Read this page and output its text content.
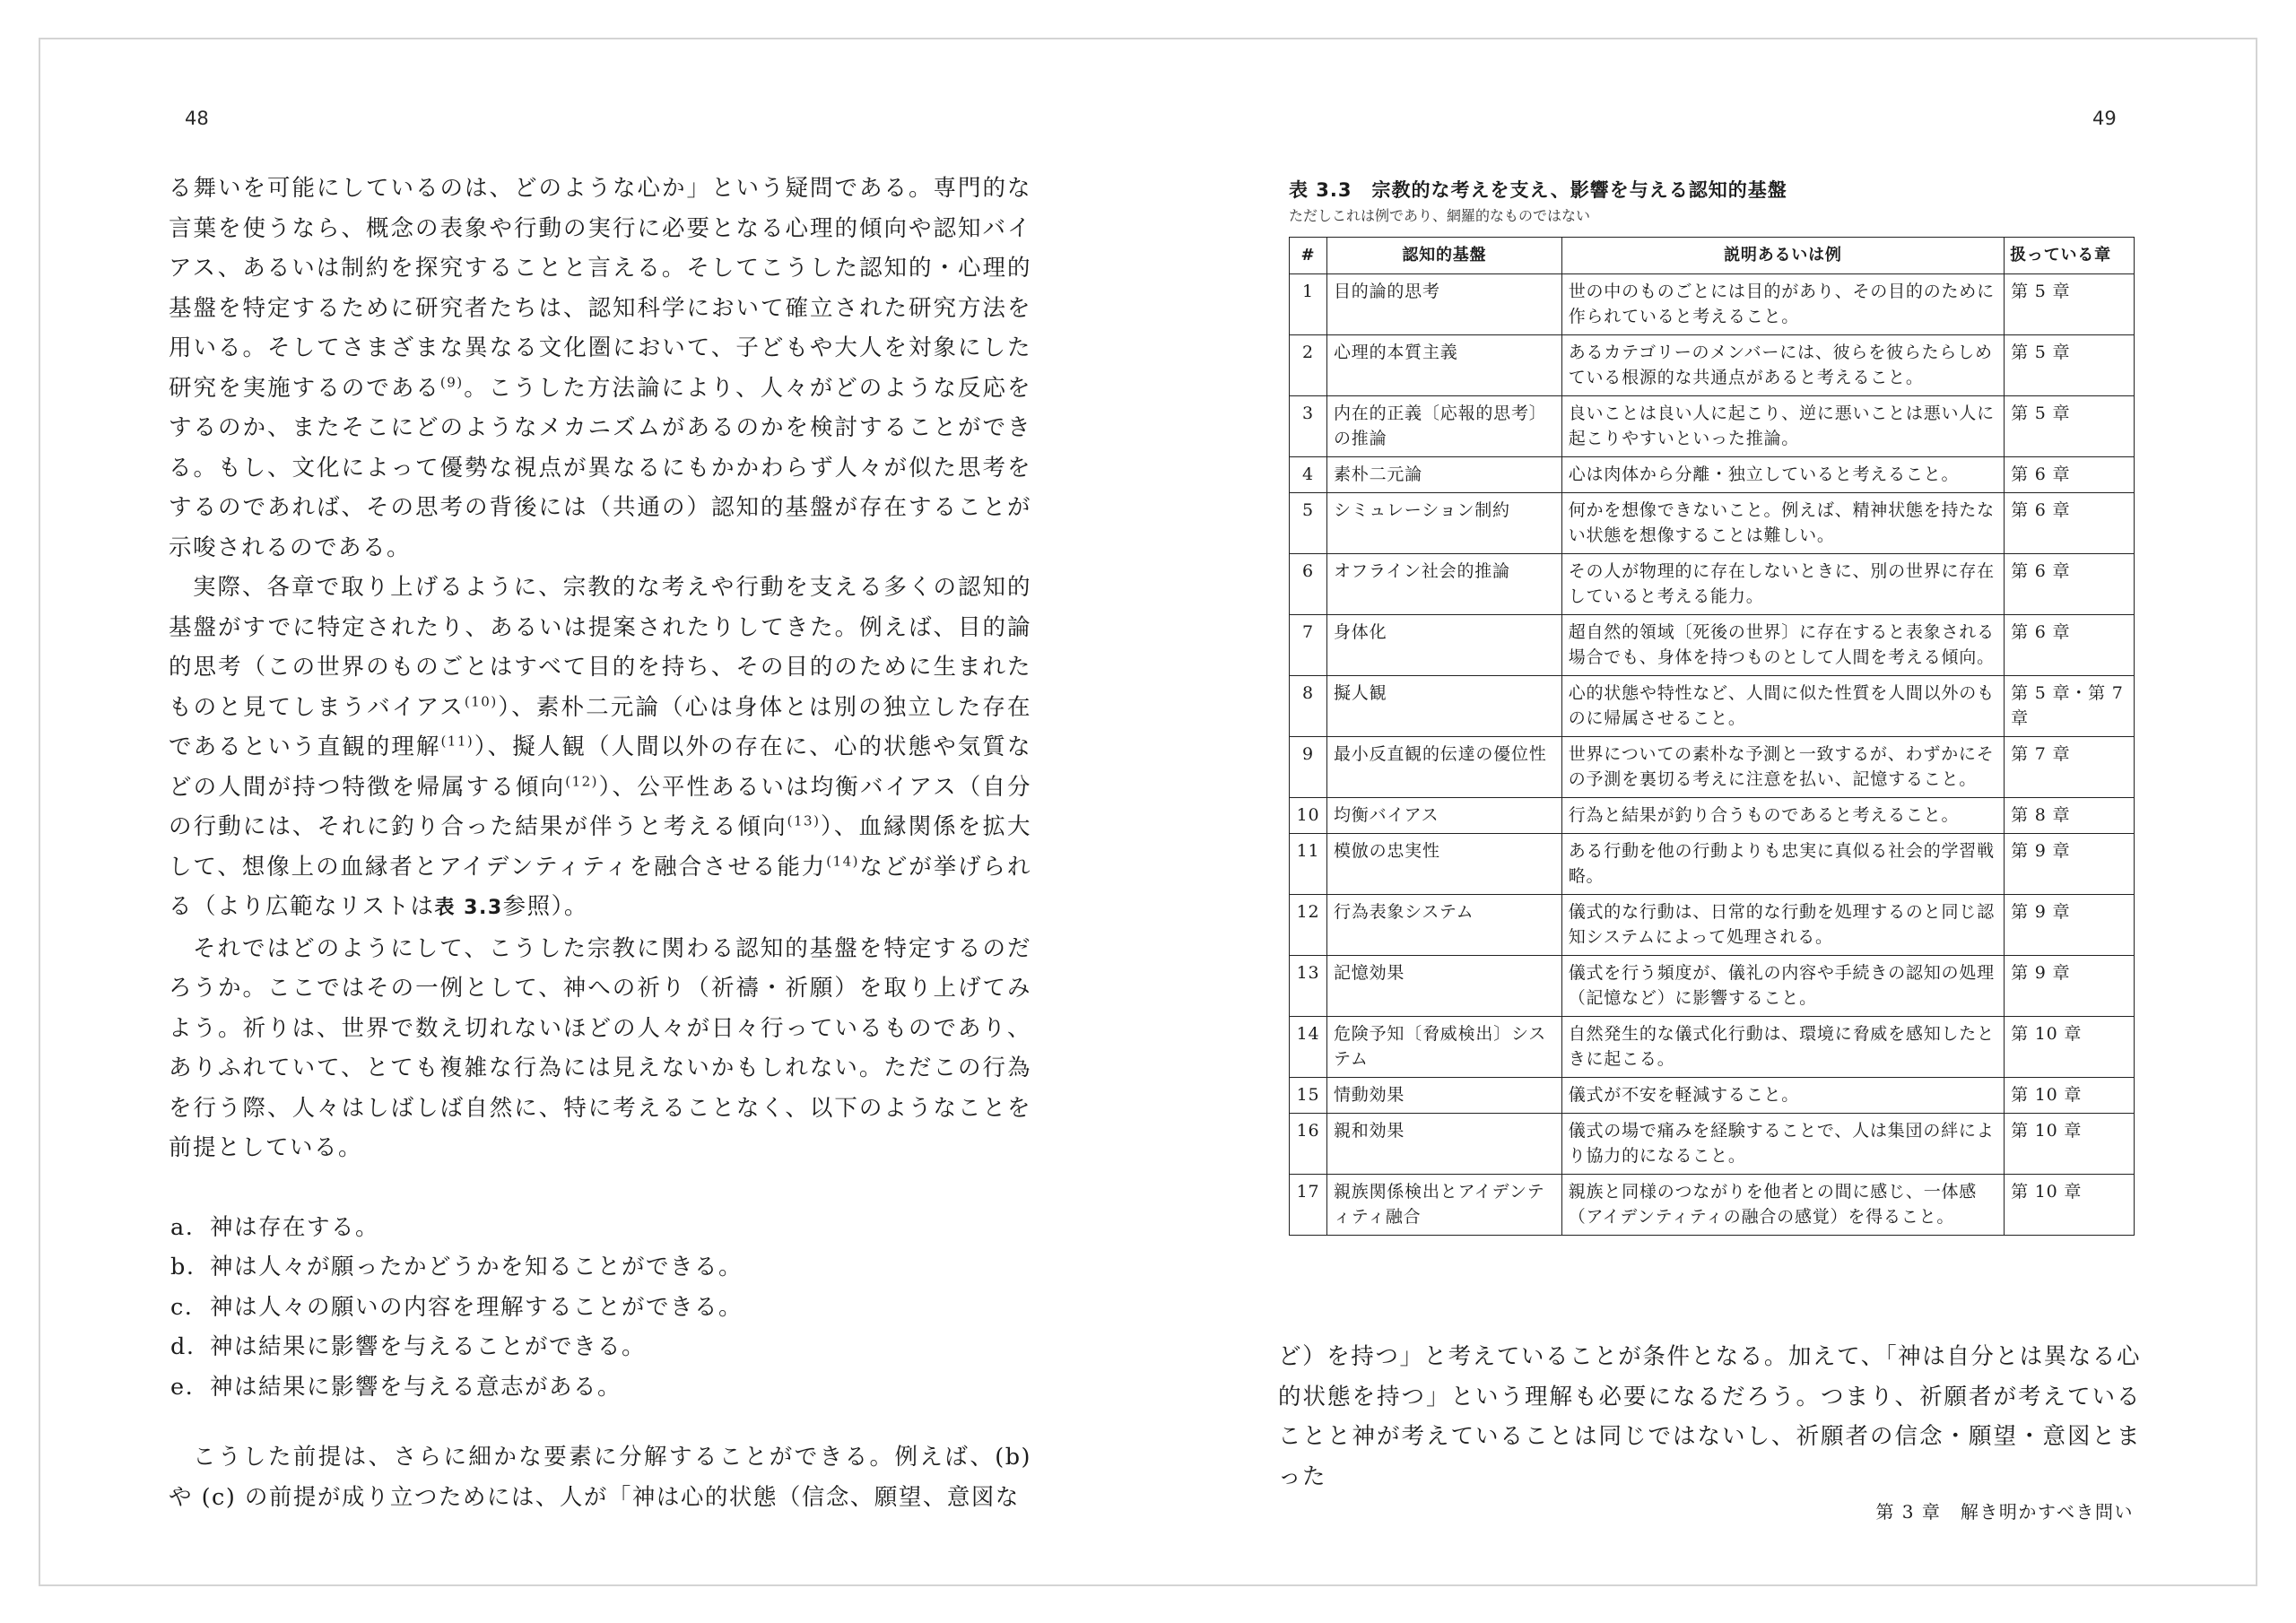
48

る舞いを可能にしているのは、どのような心か」という疑問である。専門的な言葉を使うなら、概念の表象や行動の実行に必要となる心理的傾向や認知バイアス、あるいは制約を探究することと言える。そしてこうした認知的・心理的基盤を特定するために研究者たちは、認知科学において確立された研究方法を用いる。そしてさまざまな異なる文化圏において、子どもや大人を対象にした研究を実施するのである$^{(9)}$。こうした方法論により、人々がどのような反応をするのか、またそこにどのようなメカニズムがあるのかを検討することができる。もし、文化によって優勢な視点が異なるにもかかわらず人々が似た思考をするのであれば、その思考の背後には（共通の）認知的基盤が存在することが示唆されるのである。

実際、各章で取り上げるように、宗教的な考えや行動を支える多くの認知的基盤がすでに特定されたり、あるいは提案されたりしてきた。例えば、目的論的思考（この世界のものごとはすべて目的を持ち、その目的のために生まれたものと見てしまうバイアス$^{(10)}$）、素朴二元論（心は身体とは別の独立した存在であるという直観的理解$^{(11)}$）、擬人観（人間以外の存在に、心的状態や気質などの人間が持つ特徴を帰属する傾向$^{(12)}$）、公平性あるいは均衡バイアス（自分の行動には、それに釣り合った結果が伴うと考える傾向$^{(13)}$）、血縁関係を拡大して、想像上の血縁者とアイデンティティを融合させる能力$^{(14)}$などが挙げられる（より広範なリストは表 3.3参照）。

それではどのようにして、こうした宗教に関わる認知的基盤を特定するのだろうか。ここではその一例として、神への祈り（祈禱・祈願）を取り上げてみよう。祈りは、世界で数え切れないほどの人々が日々行っているものであり、ありふれていて、とても複雑な行為には見えないかもしれない。ただこの行為を行う際、人々はしばしば自然に、特に考えることなく、以下のようなことを前提としている。

a. 神は存在する。
b. 神は人々が願ったかどうかを知ることができる。
c. 神は人々の願いの内容を理解することができる。
d. 神は結果に影響を与えることができる。
e. 神は結果に影響を与える意志がある。

こうした前提は、さらに細かな要素に分解することができる。例えば、(b) や (c) の前提が成り立つためには、人が「神は心的状態（信念、願望、意図な

49
表 3.3　宗教的な考えを支え、影響を与える認知的基盤
ただしこれは例であり、網羅的なものではない
#	認知的基盤	説明あるいは例	扱っている章
1	目的論的思考	世の中のものごとには目的があり、その目的のために作られていると考えること。	第 5 章
2	心理的本質主義	あるカテゴリーのメンバーには、彼らを彼らたらしめている根源的な共通点があると考えること。	第 5 章
3	内在的正義〔応報的思考〕の推論	良いことは良い人に起こり、逆に悪いことは悪い人に起こりやすいといった推論。	第 5 章
4	素朴二元論	心は肉体から分離・独立していると考えること。	第 6 章
5	シミュレーション制約	何かを想像できないこと。例えば、精神状態を持たない状態を想像することは難しい。	第 6 章
6	オフライン社会的推論	その人が物理的に存在しないときに、別の世界に存在していると考える能力。	第 6 章
7	身体化	超自然的領域〔死後の世界〕に存在すると表象される場合でも、身体を持つものとして人間を考える傾向。	第 6 章
8	擬人観	心的状態や特性など、人間に似た性質を人間以外のものに帰属させること。	第 5 章・第 7 章
9	最小反直観的伝達の優位性	世界についての素朴な予測と一致するが、わずかにその予測を裏切る考えに注意を払い、記憶すること。	第 7 章
10	均衡バイアス	行為と結果が釣り合うものであると考えること。	第 8 章
11	模倣の忠実性	ある行動を他の行動よりも忠実に真似る社会的学習戦略。	第 9 章
12	行為表象システム	儀式的な行動は、日常的な行動を処理するのと同じ認知システムによって処理される。	第 9 章
13	記憶効果	儀式を行う頻度が、儀礼の内容や手続きの認知の処理（記憶など）に影響すること。	第 9 章
14	危険予知〔脅威検出〕システム	自然発生的な儀式化行動は、環境に脅威を感知したときに起こる。	第 10 章
15	情動効果	儀式が不安を軽減すること。	第 10 章
16	親和効果	儀式の場で痛みを経験することで、人は集団の絆により協力的になること。	第 10 章
17	親族関係検出とアイデンティティ融合	親族と同様のつながりを他者との間に感じ、一体感（アイデンティティの融合の感覚）を得ること。	第 10 章

ど）を持つ」と考えていることが条件となる。加えて、「神は自分とは異なる心的状態を持つ」という理解も必要になるだろう。つまり、祈願者が考えていることと神が考えていることは同じではないし、祈願者の信念・願望・意図とまった

第 3 章　解き明かすべき問い
